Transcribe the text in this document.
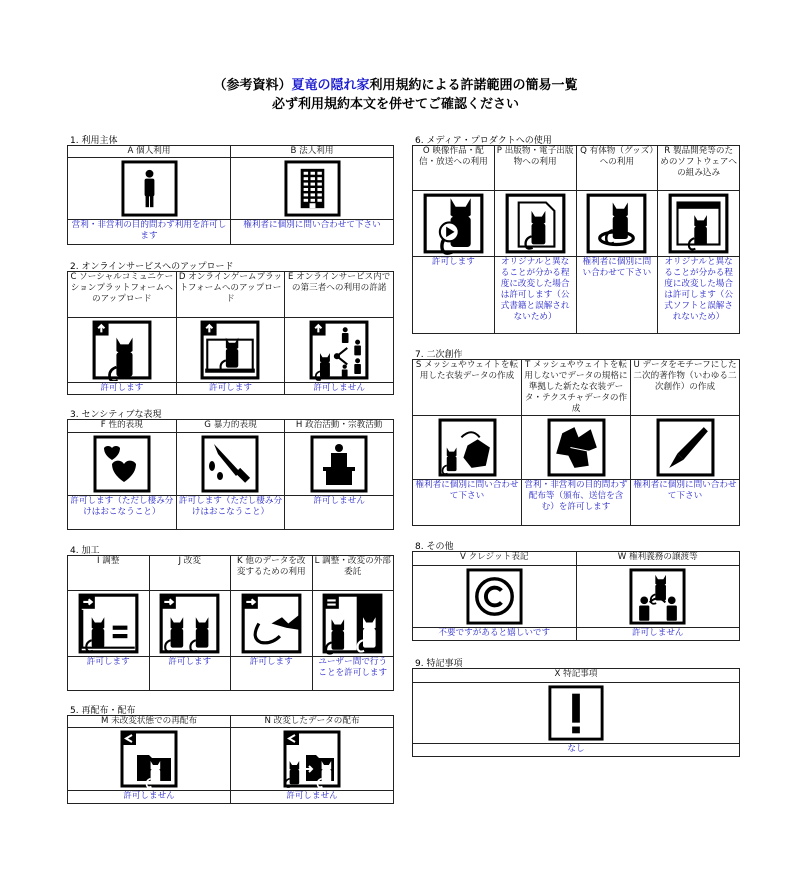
（参考資料）夏竜の隠れ家利用規約による許諾範囲の簡易一覧
必ず利用規約本文を併せてご確認ください
1. 利用主体
A 個人利用	B 法人利用

営利・非営利の目的問わず利用を許可します	権利者に個別に問い合わせて下さい
2. オンラインサービスへのアップロード
C ソーシャルコミュニケーションプラットフォームへのアップロード	D オンラインゲームプラットフォームへのアップロード	E オンラインサービス内での第三者への利用の許諾

許可します	許可します	許可しません
3. センシティブな表現
F 性的表現	G 暴力的表現	H 政治活動・宗教活動

許可します（ただし棲み分けはおこなうこと）	許可します（ただし棲み分けはおこなうこと）	許可しません
4. 加工
I 調整	J 改変	K 他のデータを改変するための利用	L 調整・改変の外部委託

許可します	許可します	許可します	ユーザー間で行うことを許可します
5. 再配布・配布
M 未改変状態での再配布	N 改変したデータの配布

許可しません	許可しません
6. メディア・プロダクトへの使用
O 映像作品・配信・放送への利用	P 出版物・電子出版物への利用	Q 有体物（グッズ）への利用	R 製品開発等のためのソフトウェアへの組み込み

許可します	オリジナルと異なることが分かる程度に改変した場合は許可します（公式書籍と誤解されないため）	権利者に個別に問い合わせて下さい	オリジナルと異なることが分かる程度に改変した場合は許可します（公式ソフトと誤解されないため）
7. 二次創作
S メッシュやウェイトを転用した衣装データの作成	T メッシュやウェイトを転用しないでデータの規格に準拠した新たな衣装データ・テクスチャデータの作成	U データをモチーフにした二次的著作物（いわゆる二次創作）の作成

権利者に個別に問い合わせて下さい	営利・非営利の目的問わず配布等（頒布、送信を含む）を許可します	権利者に個別に問い合わせて下さい
8. その他
V クレジット表記	W 権利義務の譲渡等

不要ですがあると嬉しいです	許可しません
9. 特記事項
X 特記事項

なし
